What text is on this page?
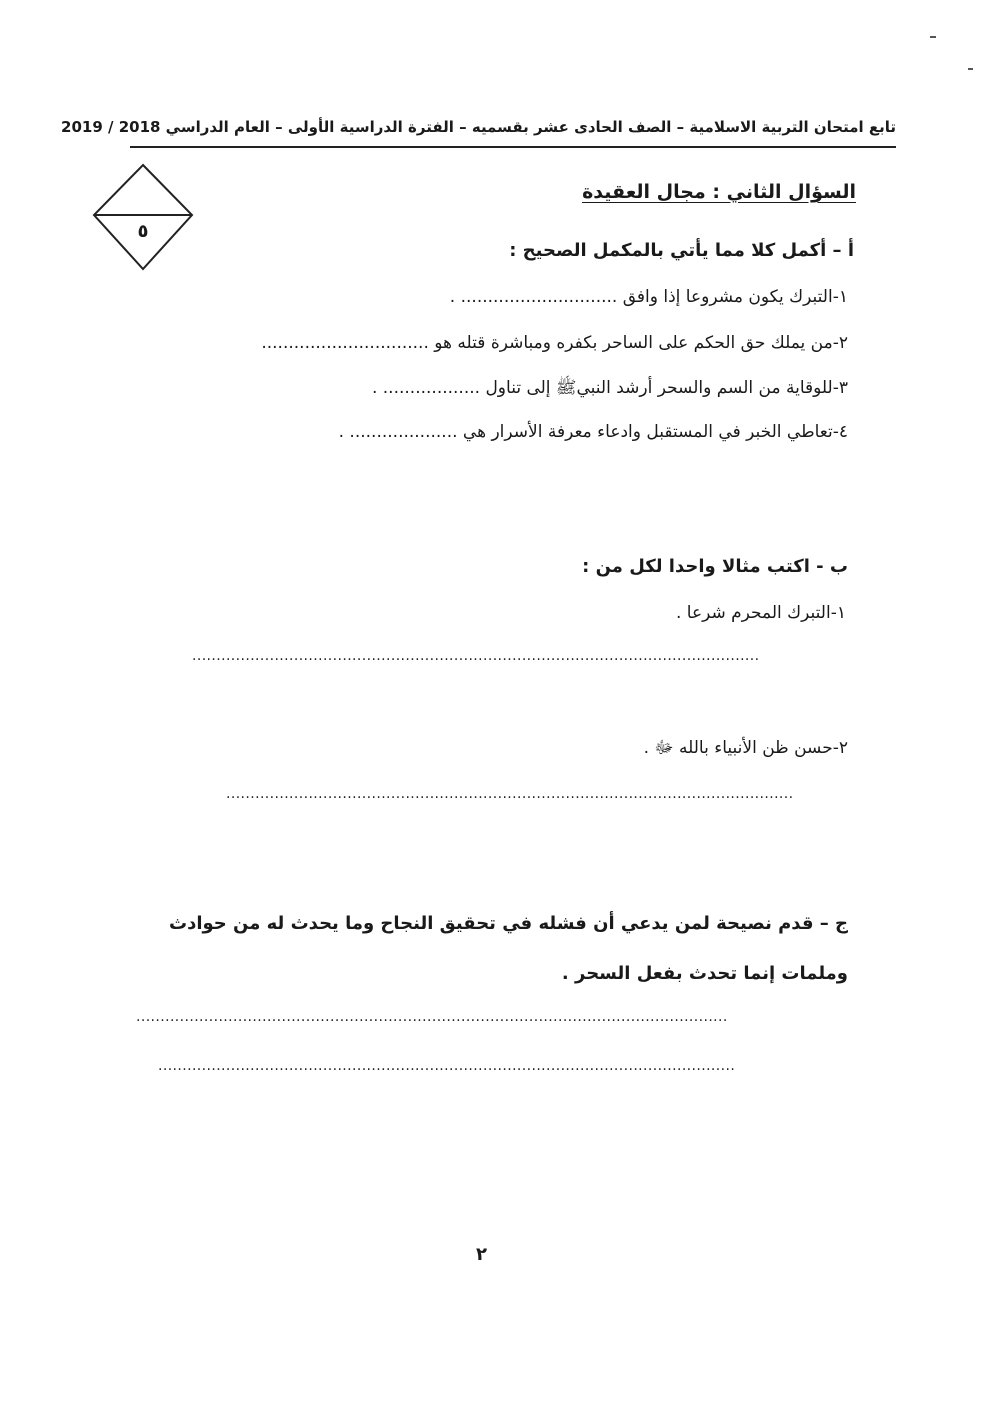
تابع امتحان التربية الاسلامية – الصف الحادى عشر بقسميه – الفترة الدراسية الأولى – العام الدراسي 2018 / 2019
٥
السؤال الثاني : مجال العقيدة
أ – أكمل كلا مما يأتي بالمكمل الصحيح :
١-التبرك يكون مشروعا إذا وافق ............................. .
٢-من يملك حق الحكم على الساحر بكفره ومباشرة قتله هو ...............................
٣-للوقاية من السم والسحر أرشد النبيﷺ إلى تناول .................. .
٤-تعاطي الخبر في المستقبل وادعاء معرفة الأسرار هي .................... .
ب - اكتب مثالا واحدا لكل من :
١-التبرك المحرم شرعا .
.....................................................................................................................
٢-حسن ظن الأنبياء بالله ﷻ .
.....................................................................................................................
ج – قدم نصيحة لمن يدعي أن فشله في تحقيق النجاح وما يحدث له من حوادث
وملمات إنما تحدث بفعل السحر .
..........................................................................................................................
.......................................................................................................................
٢
